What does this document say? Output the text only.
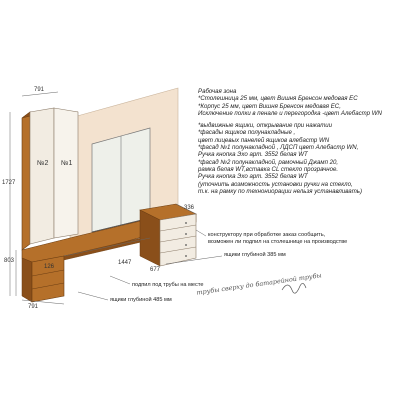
№2 №1
791
1727
803
336
1447
677
126
791
Рабочая зона
*Столешница 25 мм, цвет Вишня Бренсон медовая ЕС
*Корпус 25 мм, цвет Вишня Бренсон медовая ЕС,
Исключение полки в пенале и перегородка -цвет Алебастр WN
*выдвижные ящики, открывание при нажатии
*фасады ящиков полунакладные ,
цвет лицевых панелей ящиков алебастр WN
*фасад №1 полунакладной , ЛДСП цвет Алебастр WN,
Ручка кнопка Эхо арт. 3552 белая WT
*фасад №2 полунакладной, рамочный Джамп 20,
рамка белая WT,вставка CL стекло прозрачное.
Ручка кнопка Эхо арт. 3552 белая WT
(уточнить возможность установки ручки на стекло,
т.к. на рамку по технониорации нельзя устанавливать)
конструктору при обработке заказ сообщить,
возможен ли подпил на столешнице на производстве
ящики глубиной 385 мм
подпил под трубы на месте
ящики глубиной 485 мм
трубы сверху до батарейной трубы
